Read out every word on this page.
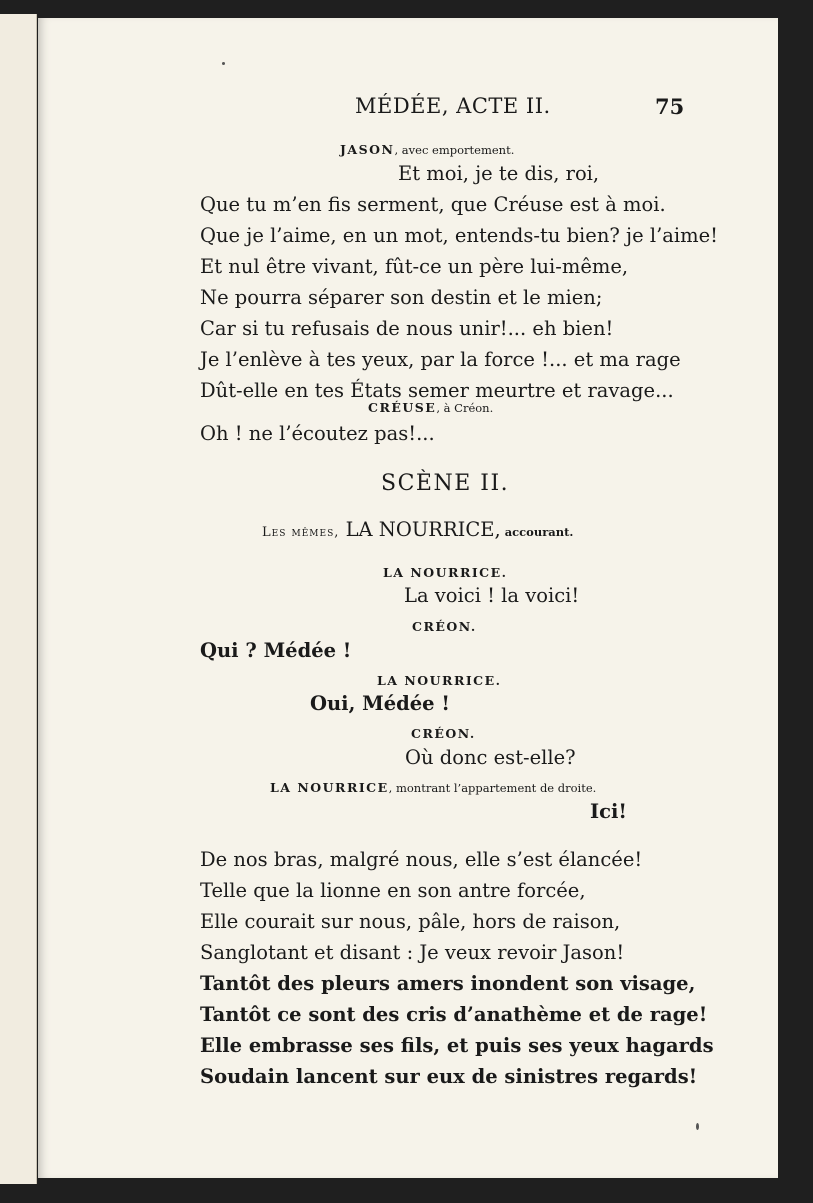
MÉDÉE, ACTE II.	75
JASON, avec emportement.
Et moi, je te dis, roi,
Que tu m’en fis serment, que Créuse est à moi.
Que je l’aime, en un mot, entends-tu bien? je l’aime!
Et nul être vivant, fût-ce un père lui-même,
Ne pourra séparer son destin et le mien;
Car si tu refusais de nous unir!... eh bien!
Je l’enlève à tes yeux, par la force !... et ma rage
Dût-elle en tes États semer meurtre et ravage...
CRÉUSE, à Créon.
Oh ! ne l’écoutez pas!...
SCÈNE II.
Les mêmes, LA NOURRICE, accourant.
LA NOURRICE.
La voici ! la voici!
CRÉON.
Qui ? Médée !
LA NOURRICE.
Oui, Médée !
CRÉON.
Où donc est-elle?
LA NOURRICE, montrant l’appartement de droite.
Ici!
De nos bras, malgré nous, elle s’est élancée!
Telle que la lionne en son antre forcée,
Elle courait sur nous, pâle, hors de raison,
Sanglotant et disant : Je veux revoir Jason!
Tantôt des pleurs amers inondent son visage,
Tantôt ce sont des cris d’anathème et de rage!
Elle embrasse ses fils, et puis ses yeux hagards
Soudain lancent sur eux de sinistres regards!
